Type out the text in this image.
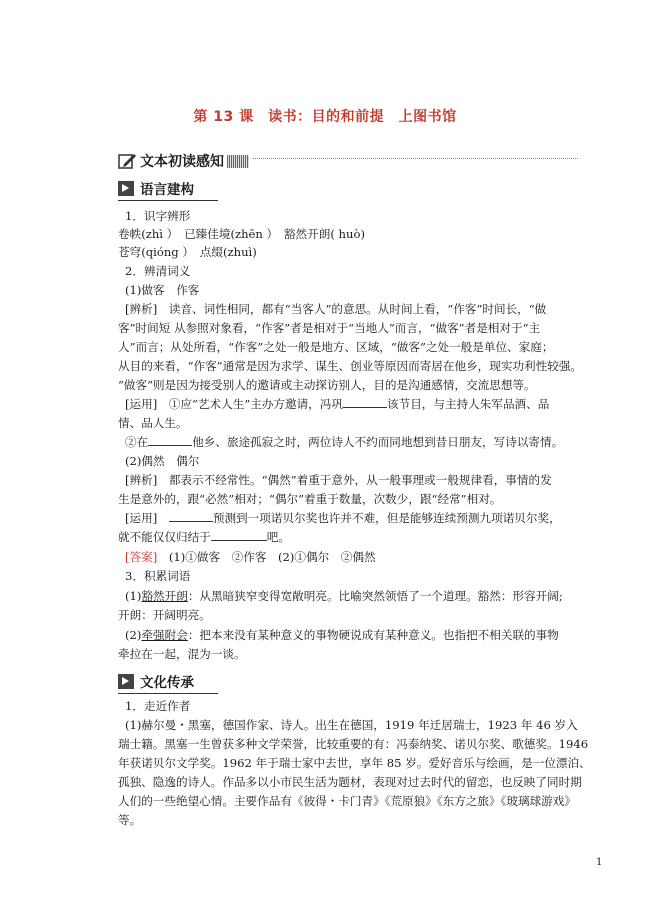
第 13 课　读书：目的和前提　上图书馆
文本初读感知
语言建构
1．识字辨形
卷帙(zhì ）　已臻佳境(zhēn ）　豁然开朗( huò)
苍穹(qióng ）　点缀(zhuì)
2．辨清词义
(1)做客　作客
[辨析]　读音、词性相同，都有“当客人”的意思。从时间上看，“作客”时间长，“做
客”时间短 从参照对象看，“作客”者是相对于“当地人”而言，“做客”者是相对于“主
人”而言；从处所看，“作客”之处一般是地方、区域，“做客”之处一般是单位、家庭；
从目的来看，“作客”通常是因为求学、谋生、创业等原因而寄居在他乡，现实功利性较强。
“做客”则是因为接受别人的邀请或主动探访别人，目的是沟通感情，交流思想等。
[运用]　①应“艺术人生”主办方邀请，冯巩	该节目，与主持人朱军品酒、品
情、品人生。
②在	他乡、旅途孤寂之时，两位诗人不约而同地想到昔日朋友，写诗以寄情。
(2)偶然　偶尔
[辨析]　都表示不经常性。“偶然”着重于意外，从一般事理或一般规律看，事情的发
生是意外的，跟“必然”相对；“偶尔”着重于数量，次数少，跟“经常”相对。
[运用]　	预测到一项诺贝尔奖也许并不难，但是能够连续预测九项诺贝尔奖，
就不能仅仅归结于	吧。
[答案]　(1)①做客　②作客　(2)①偶尔　②偶然
3．积累词语
(1)豁然开朗：从黑暗狭窄变得宽敞明亮。比喻突然领悟了一个道理。豁然：形容开阔;
开朗：开阔明亮。
(2)牵强附会：把本来没有某种意义的事物硬说成有某种意义。也指把不相关联的事物
牵拉在一起，混为一谈。
文化传承
1．走近作者
(1)赫尔曼・黑塞，德国作家、诗人。出生在德国，1919 年迁居瑞士，1923 年 46 岁入
瑞士籍。黑塞一生曾获多种文学荣誉，比较重要的有：冯泰纳奖、诺贝尔奖、歌德奖。1946
年获诺贝尔文学奖。1962 年于瑞士家中去世，享年 85 岁。爱好音乐与绘画，是一位漂泊、
孤独、隐逸的诗人。作品多以小市民生活为题材，表现对过去时代的留恋，也反映了同时期
人们的一些绝望心情。主要作品有《彼得・卡门青》《荒原狼》《东方之旅》《玻璃球游戏》
等。
1
